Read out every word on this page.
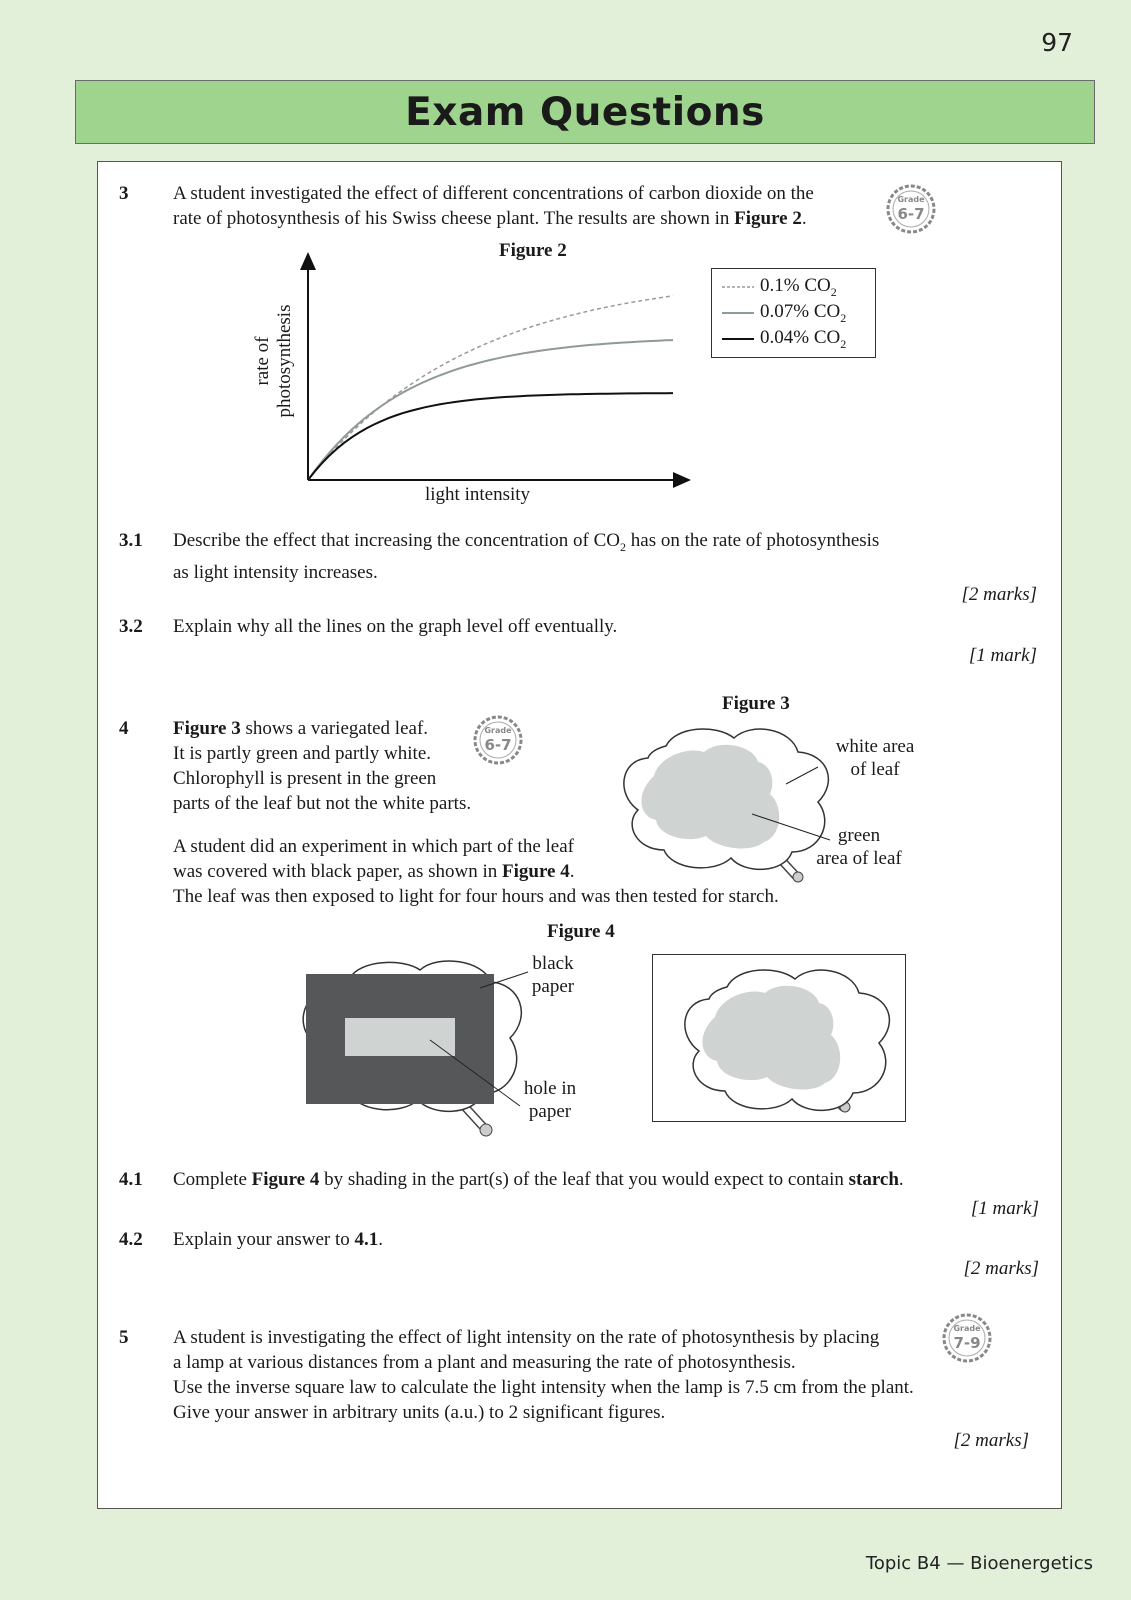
97
Exam Questions
3 A student investigated the effect of different concentrations of carbon dioxide on the

rate of photosynthesis of his Swiss cheese plant. The results are shown in Figure 2.

Grade
6-7
Figure 2
rate of photosynthesis
light intensity
0.1% $CO_2$
0.07% $CO_2$
0.04% $CO_2$
3.1 Describe the effect that increasing the concentration of $CO_2$ has on the rate of photosynthesis

as light intensity increases.

[2 marks]
3.2 Explain why all the lines on the graph level off eventually.
[1 mark]
4 Figure 3 shows a variegated leaf.

It is partly green and partly white.

Chlorophyll is present in the green

parts of the leaf but not the white parts.

Grade
6-7

A student did an experiment in which part of the leaf

was covered with black paper, as shown in Figure 4.

The leaf was then exposed to light for four hours and was then tested for starch.

Figure 3
white area
of leaf
green
area of leaf
Figure 4
black
paper
hole in
paper
4.1 Complete Figure 4 by shading in the part(s) of the leaf that you would expect to contain starch.
[1 mark]
4.2 Explain your answer to 4.1.
[2 marks]
5 A student is investigating the effect of light intensity on the rate of photosynthesis by placing

a lamp at various distances from a plant and measuring the rate of photosynthesis.

Use the inverse square law to calculate the light intensity when the lamp is 7.5 cm from the plant.

Give your answer in arbitrary units (a.u.) to 2 significant figures.

Grade
7-9
[2 marks]
Topic B4 — Bioenergetics
